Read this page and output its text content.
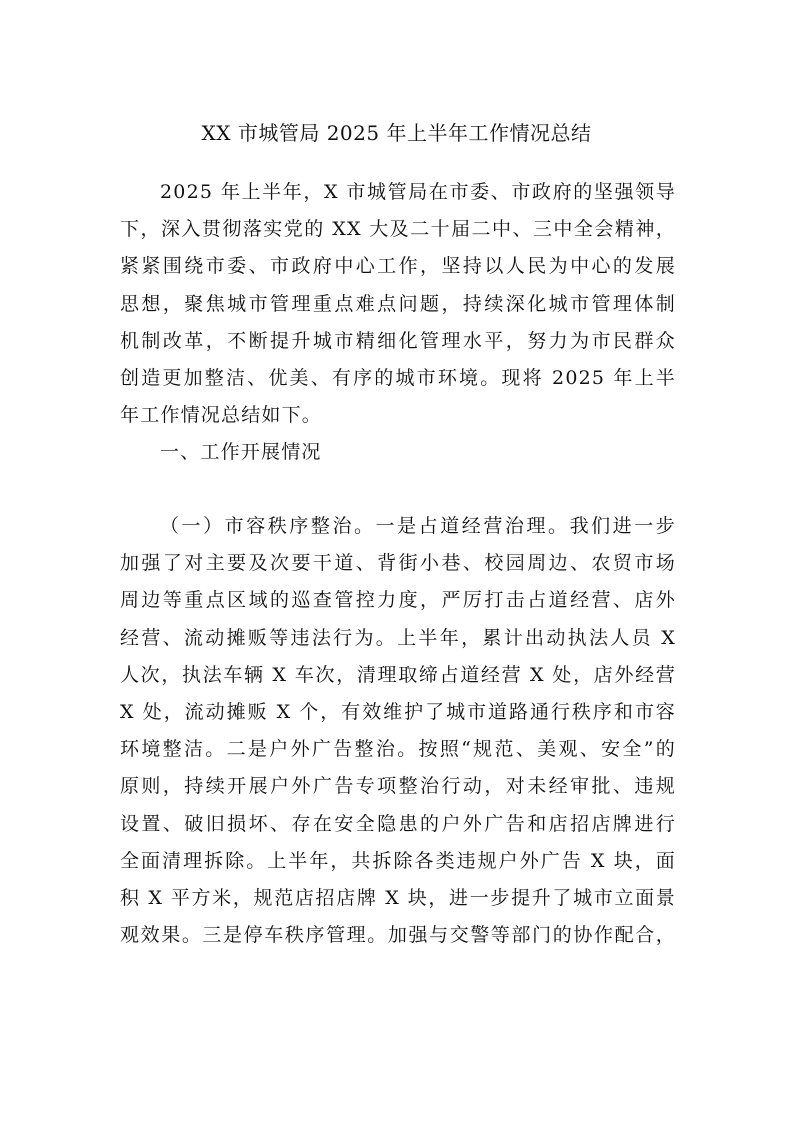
XX 市城管局 2025 年上半年工作情况总结
2025 年上半年，X 市城管局在市委、市政府的坚强领导
下，深入贯彻落实党的 XX 大及二十届二中、三中全会精神，
紧紧围绕市委、市政府中心工作，坚持以人民为中心的发展
思想，聚焦城市管理重点难点问题，持续深化城市管理体制
机制改革，不断提升城市精细化管理水平，努力为市民群众
创造更加整洁、优美、有序的城市环境。现将 2025 年上半
年工作情况总结如下。
一、工作开展情况
（一）市容秩序整治。一是占道经营治理。我们进一步
加强了对主要及次要干道、背街小巷、校园周边、农贸市场
周边等重点区域的巡查管控力度，严厉打击占道经营、店外
经营、流动摊贩等违法行为。上半年，累计出动执法人员 X
人次，执法车辆 X 车次，清理取缔占道经营 X 处，店外经营
X 处，流动摊贩 X 个，有效维护了城市道路通行秩序和市容
环境整洁。二是户外广告整治。按照“规范、美观、安全”的
原则，持续开展户外广告专项整治行动，对未经审批、违规
设置、破旧损坏、存在安全隐患的户外广告和店招店牌进行
全面清理拆除。上半年，共拆除各类违规户外广告 X 块，面
积 X 平方米，规范店招店牌 X 块，进一步提升了城市立面景
观效果。三是停车秩序管理。加强与交警等部门的协作配合，
